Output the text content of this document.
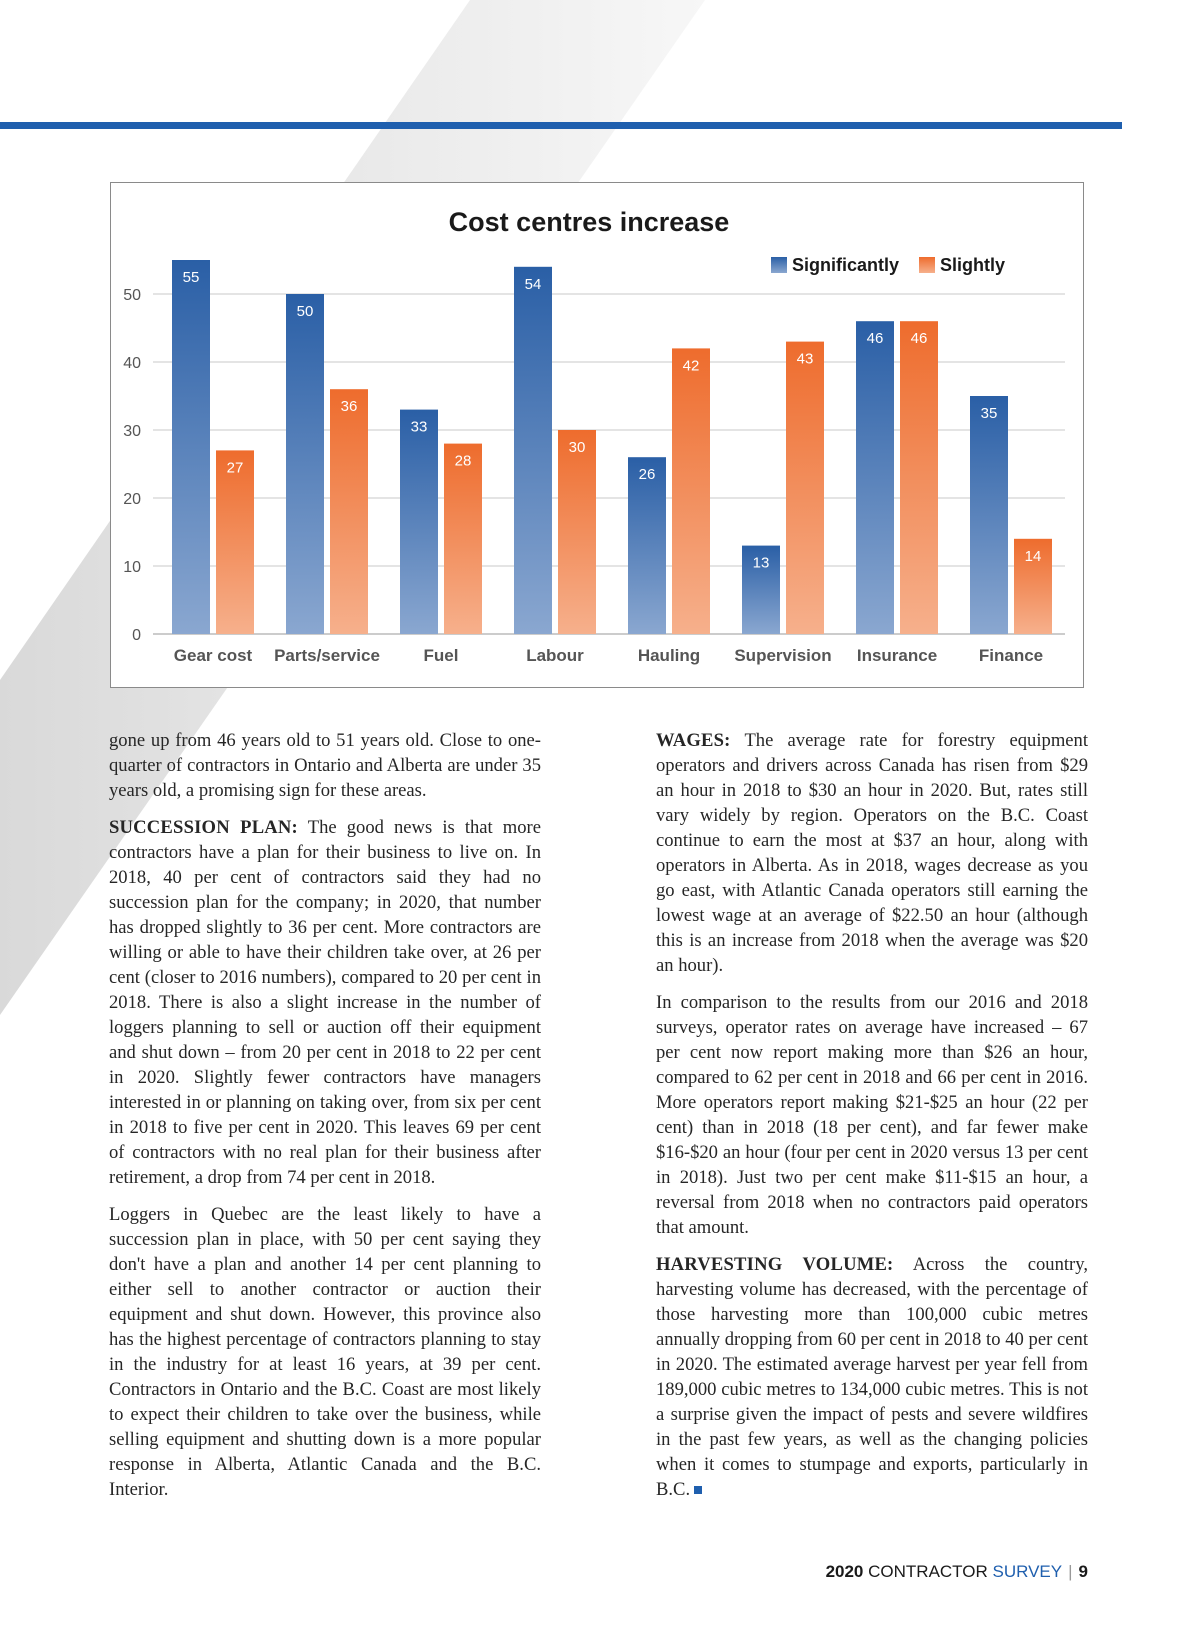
Cost centres increase
Significantly Slightly
0
10
20
30
40
50
55
27
50
36
33
28
54
30
26
42
13
43
46 46
35
14
Gear cost Parts/service	Fuel	Labour	Hauling Supervision Insurance Finance

gone up from 46 years old to 51 years old. Close to one-quarter of contractors in Ontario and Alberta are under 35 years old, a promising sign for these areas.

SUCCESSION PLAN: The good news is that more contractors have a plan for their business to live on. In 2018, 40 per cent of contractors said they had no succession plan for the company; in 2020, that number has dropped slightly to 36 per cent. More contractors are willing or able to have their children take over, at 26 per cent (closer to 2016 numbers), compared to 20 per cent in 2018. There is also a slight increase in the number of loggers planning to sell or auction off their equipment and shut down – from 20 per cent in 2018 to 22 per cent in 2020. Slightly fewer contractors have managers interested in or planning on taking over, from six per cent in 2018 to five per cent in 2020. This leaves 69 per cent of contractors with no real plan for their business after retirement, a drop from 74 per cent in 2018.

Loggers in Quebec are the least likely to have a succession plan in place, with 50 per cent saying they don't have a plan and another 14 per cent planning to either sell to another contractor or auction their equipment and shut down. However, this province also has the highest percentage of contractors planning to stay in the industry for at least 16 years, at 39 per cent. Contractors in Ontario and the B.C. Coast are most likely to expect their children to take over the business, while selling equipment and shutting down is a more popular response in Alberta, Atlantic Canada and the B.C. Interior.

WAGES: The average rate for forestry equipment operators and drivers across Canada has risen from $29 an hour in 2018 to $30 an hour in 2020. But, rates still vary widely by region. Operators on the B.C. Coast continue to earn the most at $37 an hour, along with operators in Alberta. As in 2018, wages decrease as you go east, with Atlantic Canada operators still earning the lowest wage at an average of $22.50 an hour (although this is an increase from 2018 when the average was $20 an hour).

In comparison to the results from our 2016 and 2018 surveys, operator rates on average have increased – 67 per cent now report making more than $26 an hour, compared to 62 per cent in 2018 and 66 per cent in 2016. More operators report making $21-$25 an hour (22 per cent) than in 2018 (18 per cent), and far fewer make $16-$20 an hour (four per cent in 2020 versus 13 per cent in 2018). Just two per cent make $11-$15 an hour, a reversal from 2018 when no contractors paid operators that amount.

HARVESTING VOLUME: Across the country, harvesting volume has decreased, with the percentage of those harvesting more than 100,000 cubic metres annually dropping from 60 per cent in 2018 to 40 per cent in 2020. The estimated average harvest per year fell from 189,000 cubic metres to 134,000 cubic metres. This is not a surprise given the impact of pests and severe wildfires in the past few years, as well as the changing policies when it comes to stumpage and exports, particularly in B.C.

2020 CONTRACTOR SURVEY | 9
